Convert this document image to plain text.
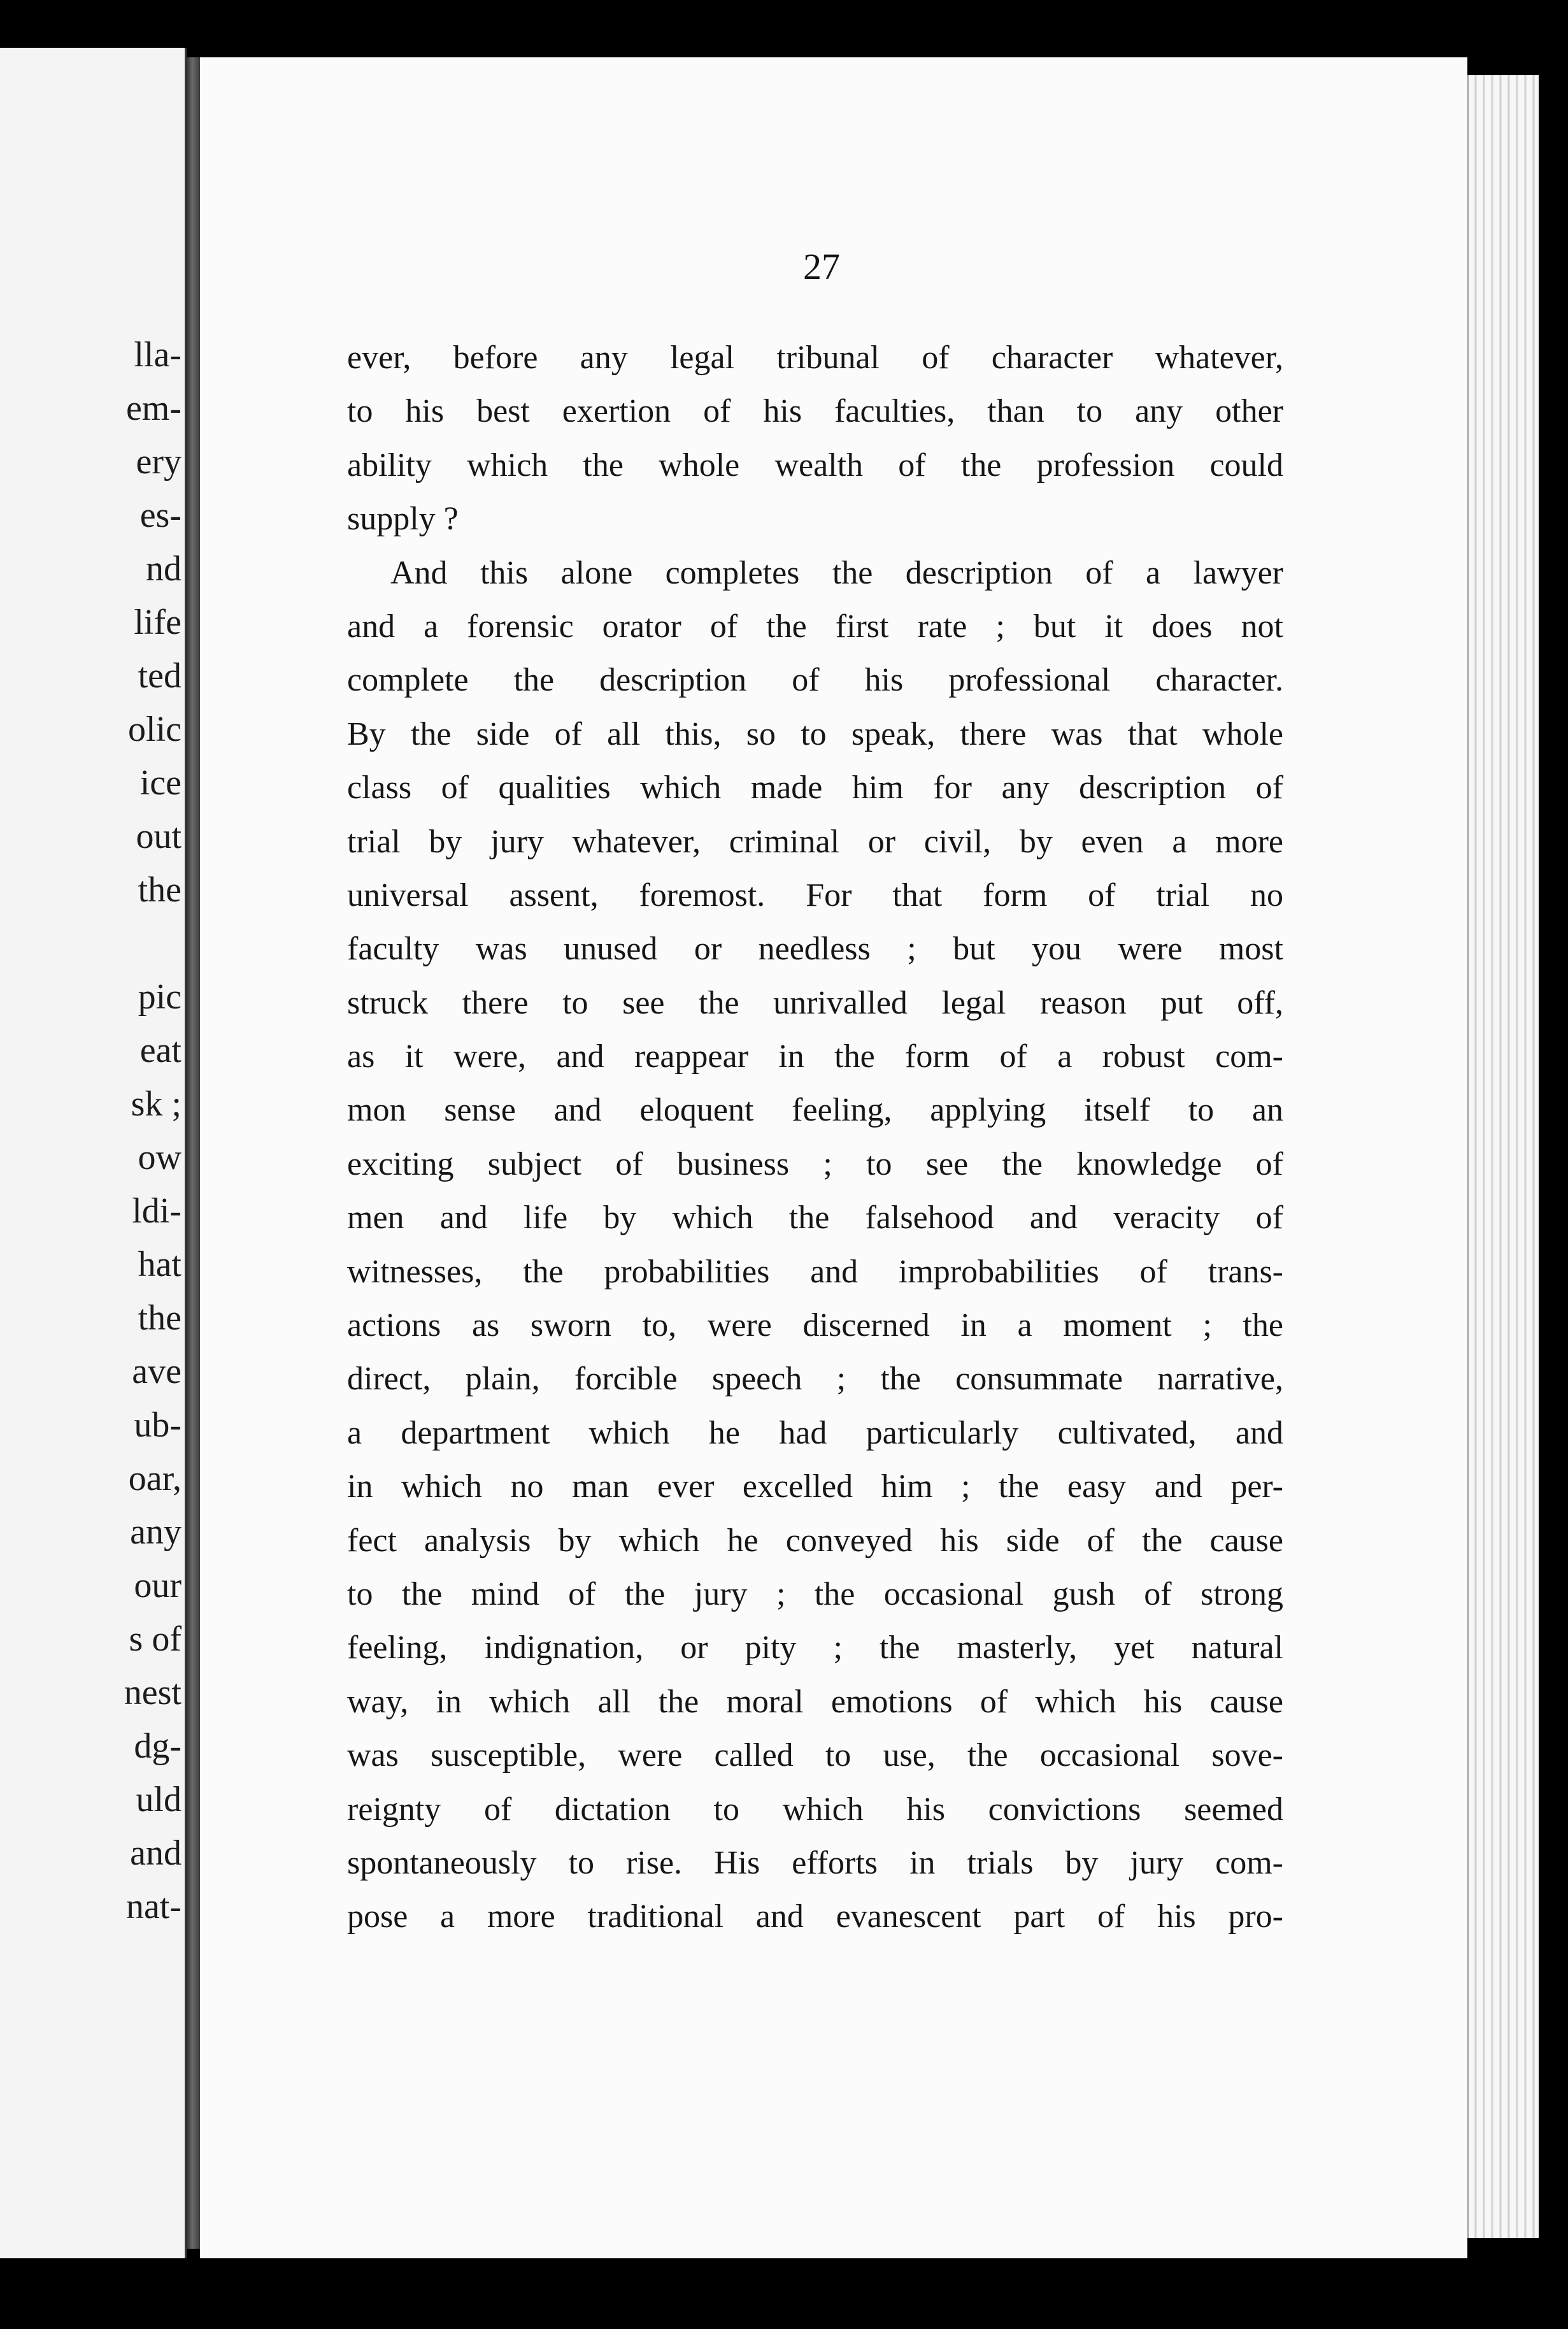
lla-
em-
ery
es-
nd
life
ted
olic
ice
out
the
pic
eat
sk ;
ow
ldi-
hat
the
ave
ub-
oar,
any
our
s of
nest
dg-
uld
and
nat-
27

ever, before any legal tribunal of character whatever,
to his best exertion of his faculties, than to any other
ability which the whole wealth of the profession could
supply ?

And this alone completes the description of a lawyer
and a forensic orator of the first rate ; but it does not
complete the description of his professional character.
By the side of all this, so to speak, there was that whole
class of qualities which made him for any description of
trial by jury whatever, criminal or civil, by even a more
universal assent, foremost. For that form of trial no
faculty was unused or needless ; but you were most
struck there to see the unrivalled legal reason put off,
as it were, and reappear in the form of a robust com-
mon sense and eloquent feeling, applying itself to an
exciting subject of business ; to see the knowledge of
men and life by which the falsehood and veracity of
witnesses, the probabilities and improbabilities of trans-
actions as sworn to, were discerned in a moment ; the
direct, plain, forcible speech ; the consummate narrative,
a department which he had particularly cultivated, and
in which no man ever excelled him ; the easy and per-
fect analysis by which he conveyed his side of the cause
to the mind of the jury ; the occasional gush of strong
feeling, indignation, or pity ; the masterly, yet natural
way, in which all the moral emotions of which his cause
was susceptible, were called to use, the occasional sove-
reignty of dictation to which his convictions seemed
spontaneously to rise. His efforts in trials by jury com-
pose a more traditional and evanescent part of his pro-
